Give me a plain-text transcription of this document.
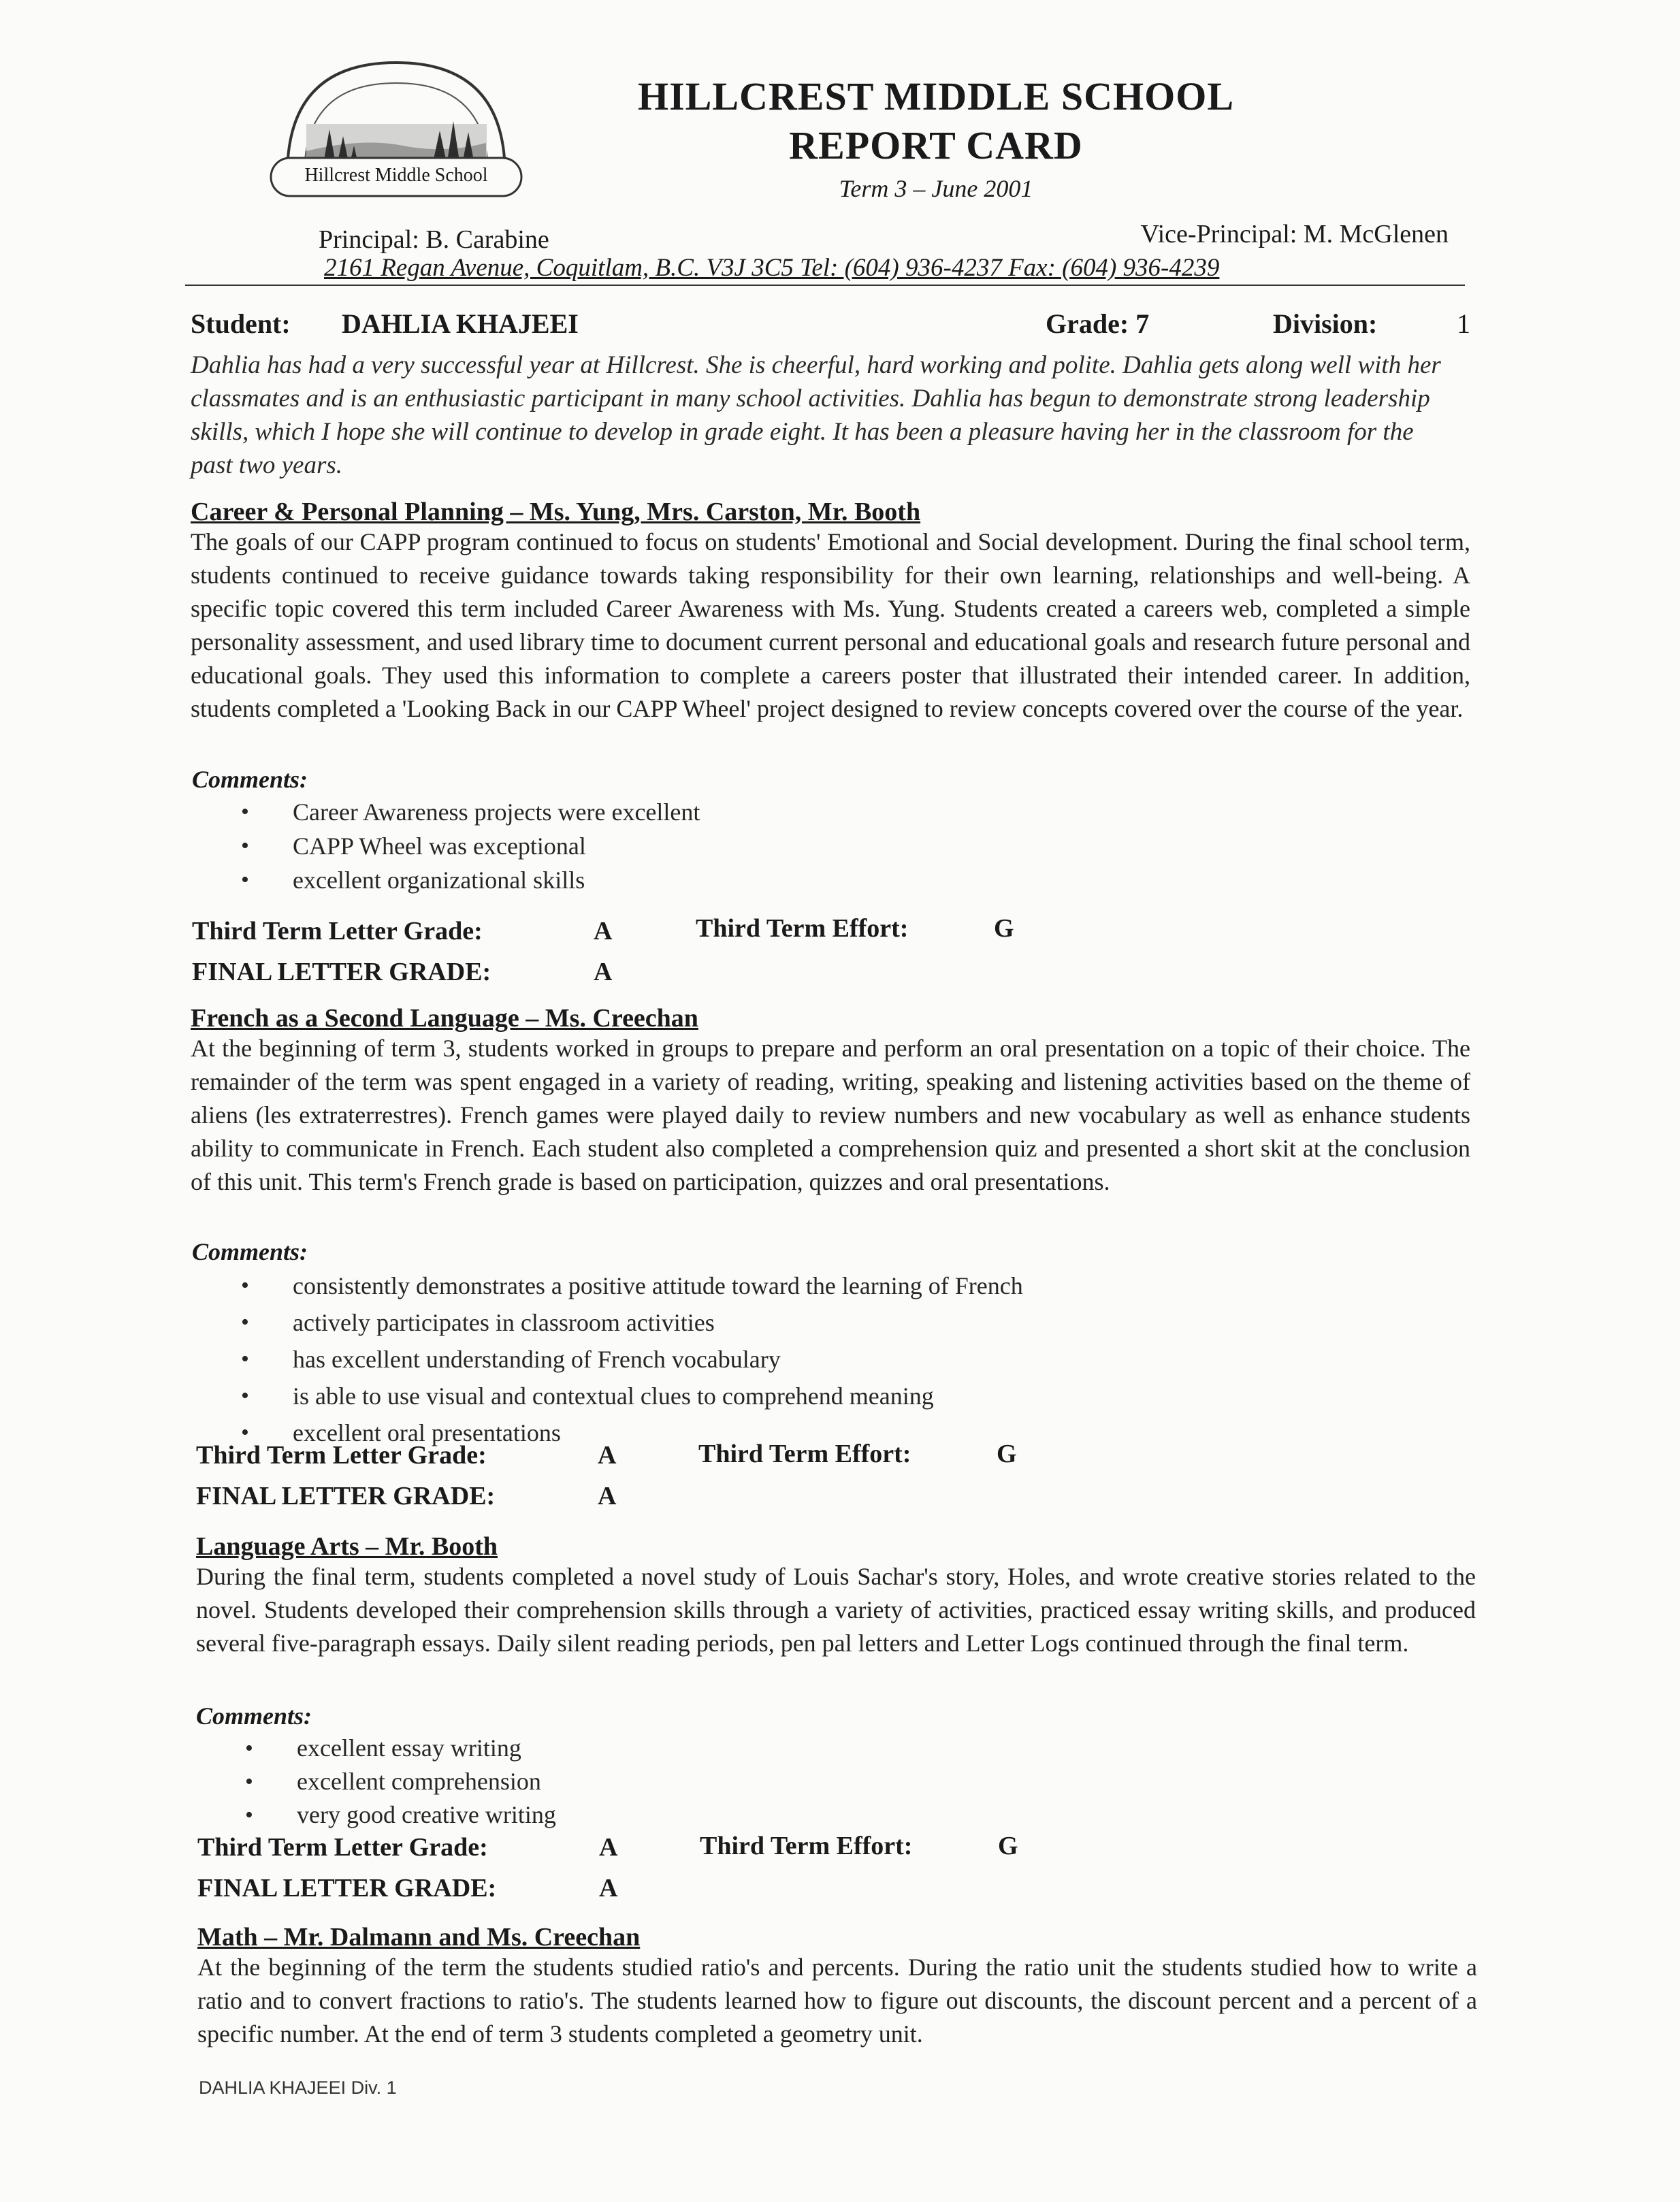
Hillcrest Middle School
HILLCREST MIDDLE SCHOOL
REPORT CARD
Term 3 – June 2001
Principal: B. Carabine	Vice-Principal: M. McGlenen
2161 Regan Avenue, Coquitlam, B.C. V3J 3C5 Tel: (604) 936-4237 Fax: (604) 936-4239
Student: DAHLIA KHAJEEI	Grade: 7	Division:	1

Dahlia has had a very successful year at Hillcrest. She is cheerful, hard working and polite. Dahlia gets along well with her classmates and is an enthusiastic participant in many school activities. Dahlia has begun to demonstrate strong leadership skills, which I hope she will continue to develop in grade eight. It has been a pleasure having her in the classroom for the past two years.

Career & Personal Planning – Ms. Yung, Mrs. Carston, Mr. Booth

The goals of our CAPP program continued to focus on students' Emotional and Social development. During the final school term, students continued to receive guidance towards taking responsibility for their own learning, relationships and well-being. A specific topic covered this term included Career Awareness with Ms. Yung. Students created a careers web, completed a simple personality assessment, and used library time to document current personal and educational goals and research future personal and educational goals. They used this information to complete a careers poster that illustrated their intended career. In addition, students completed a 'Looking Back in our CAPP Wheel' project designed to review concepts covered over the course of the year.

Comments:
• Career Awareness projects were excellent
• CAPP Wheel was exceptional
• excellent organizational skills
Third Term Letter Grade:	A	Third Term Effort:	G
FINAL LETTER GRADE:	A
French as a Second Language – Ms. Creechan

At the beginning of term 3, students worked in groups to prepare and perform an oral presentation on a topic of their choice. The remainder of the term was spent engaged in a variety of reading, writing, speaking and listening activities based on the theme of aliens (les extraterrestres). French games were played daily to review numbers and new vocabulary as well as enhance students ability to communicate in French. Each student also completed a comprehension quiz and presented a short skit at the conclusion of this unit. This term's French grade is based on participation, quizzes and oral presentations.

Comments:
• consistently demonstrates a positive attitude toward the learning of French
• actively participates in classroom activities
• has excellent understanding of French vocabulary
• is able to use visual and contextual clues to comprehend meaning
• excellent oral presentations
Third Term Letter Grade:	A	Third Term Effort:	G
FINAL LETTER GRADE:	A
Language Arts – Mr. Booth

During the final term, students completed a novel study of Louis Sachar's story, Holes, and wrote creative stories related to the novel. Students developed their comprehension skills through a variety of activities, practiced essay writing skills, and produced several five-paragraph essays. Daily silent reading periods, pen pal letters and Letter Logs continued through the final term.

Comments:
• excellent essay writing
• excellent comprehension
• very good creative writing
Third Term Letter Grade:	A	Third Term Effort:	G
FINAL LETTER GRADE:	A
Math – Mr. Dalmann and Ms. Creechan

At the beginning of the term the students studied ratio's and percents. During the ratio unit the students studied how to write a ratio and to convert fractions to ratio's. The students learned how to figure out discounts, the discount percent and a percent of a specific number. At the end of term 3 students completed a geometry unit.

DAHLIA KHAJEEI Div. 1
